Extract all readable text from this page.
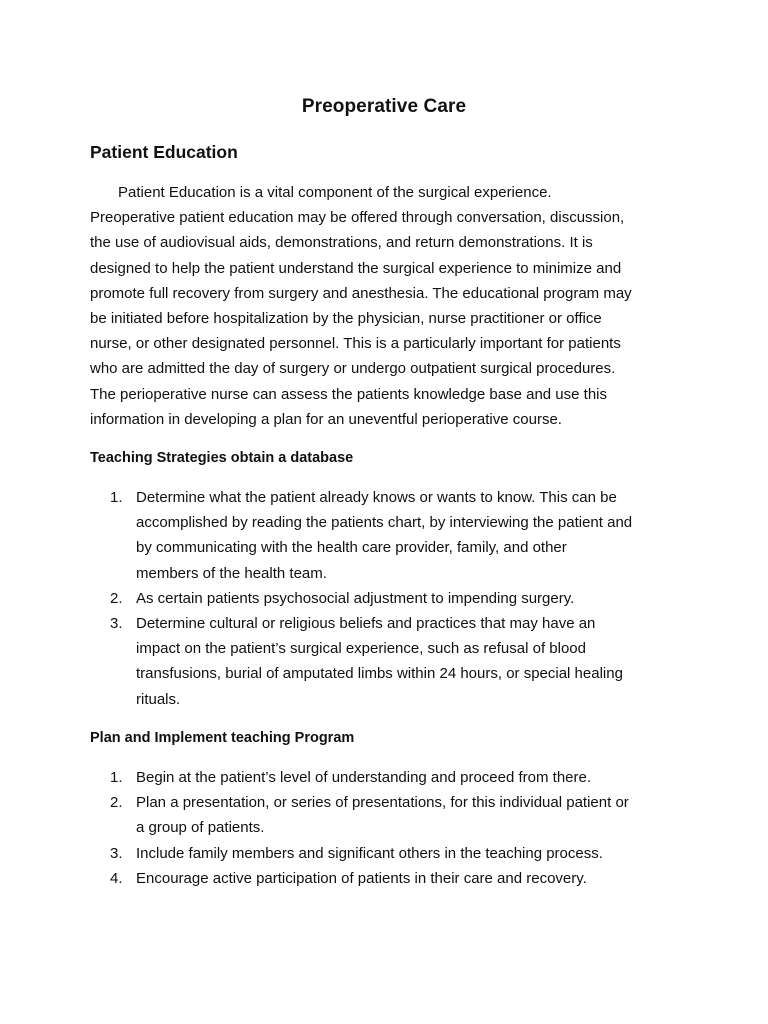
Preoperative Care
Patient Education

Patient Education is a vital component of the surgical experience.
Preoperative patient education may be offered through conversation, discussion,
the use of audiovisual aids, demonstrations, and return demonstrations. It is
designed to help the patient understand the surgical experience to minimize and
promote full recovery from surgery and anesthesia. The educational program may
be initiated before hospitalization by the physician, nurse practitioner or office
nurse, or other designated personnel. This is a particularly important for patients
who are admitted the day of surgery or undergo outpatient surgical procedures.
The perioperative nurse can assess the patients knowledge base and use this
information in developing a plan for an uneventful perioperative course.

Teaching Strategies obtain a database
1. Determine what the patient already knows or wants to know. This can be
accomplished by reading the patients chart, by interviewing the patient and
by communicating with the health care provider, family, and other
members of the health team.
2. As certain patients psychosocial adjustment to impending surgery.
3. Determine cultural or religious beliefs and practices that may have an
impact on the patient’s surgical experience, such as refusal of blood
transfusions, burial of amputated limbs within 24 hours, or special healing
rituals.
Plan and Implement teaching Program
1. Begin at the patient’s level of understanding and proceed from there.
2. Plan a presentation, or series of presentations, for this individual patient or
a group of patients.
3. Include family members and significant others in the teaching process.
4. Encourage active participation of patients in their care and recovery.
